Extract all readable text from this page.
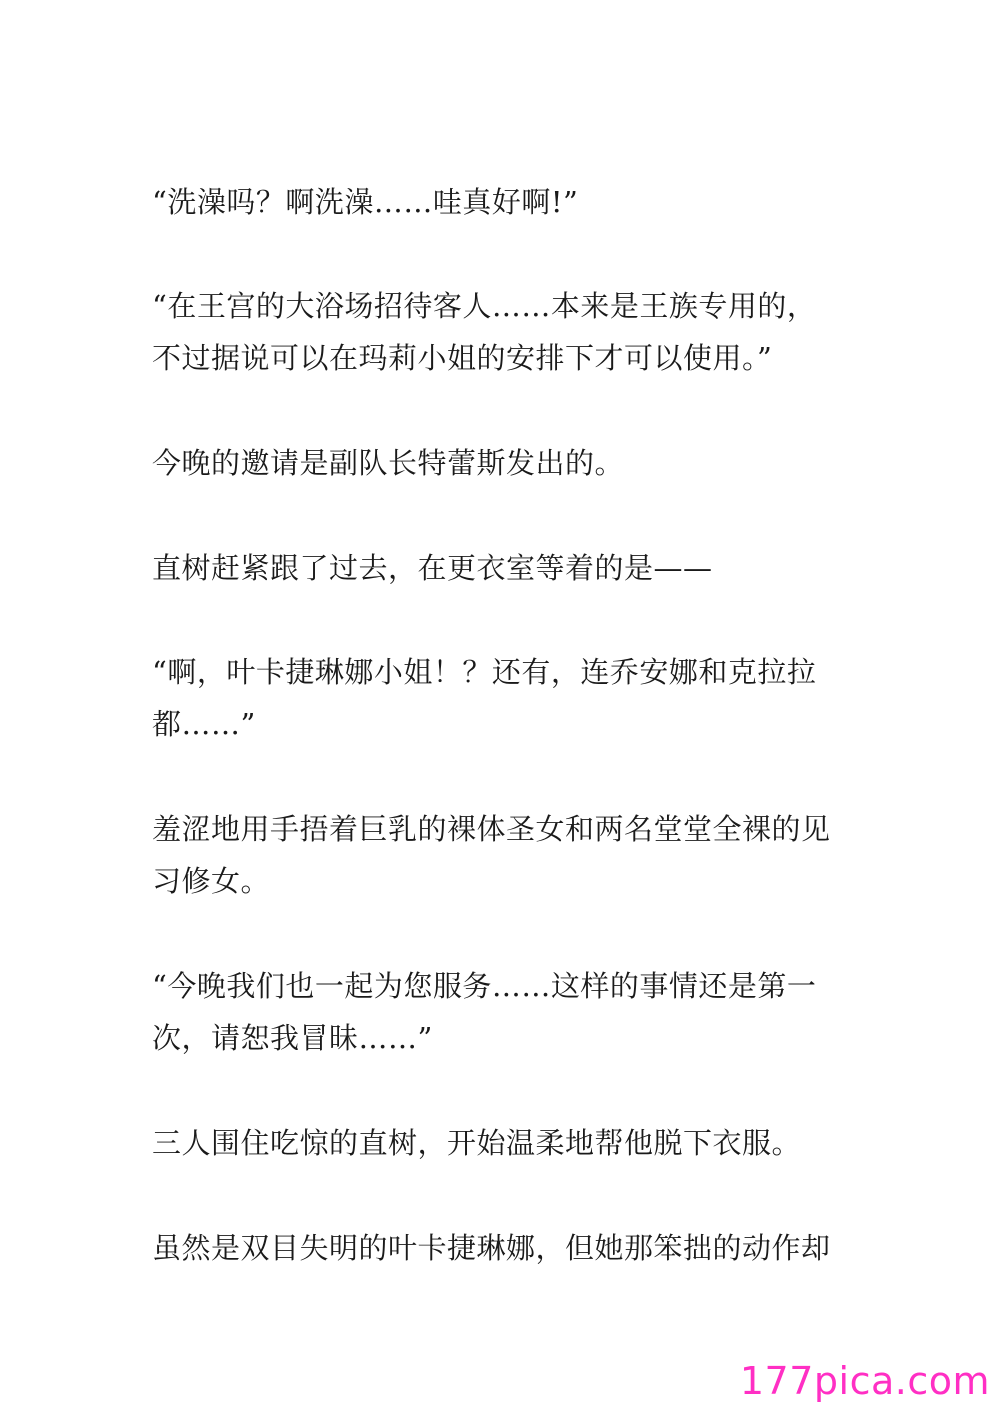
“洗澡吗？啊洗澡……哇真好啊!”

“在王宫的大浴场招待客人……本来是王族专用的，
不过据说可以在玛莉小姐的安排下才可以使用。”

今晚的邀请是副队长特蕾斯发出的。

直树赶紧跟了过去，在更衣室等着的是——

“啊，叶卡捷琳娜小姐！？还有，连乔安娜和克拉拉
都……”

羞涩地用手捂着巨乳的裸体圣女和两名堂堂全裸的见
习修女。

“今晚我们也一起为您服务……这样的事情还是第一
次，请恕我冒昧……”

三人围住吃惊的直树，开始温柔地帮他脱下衣服。

虽然是双目失明的叶卡捷琳娜，但她那笨拙的动作却

177pica.com
